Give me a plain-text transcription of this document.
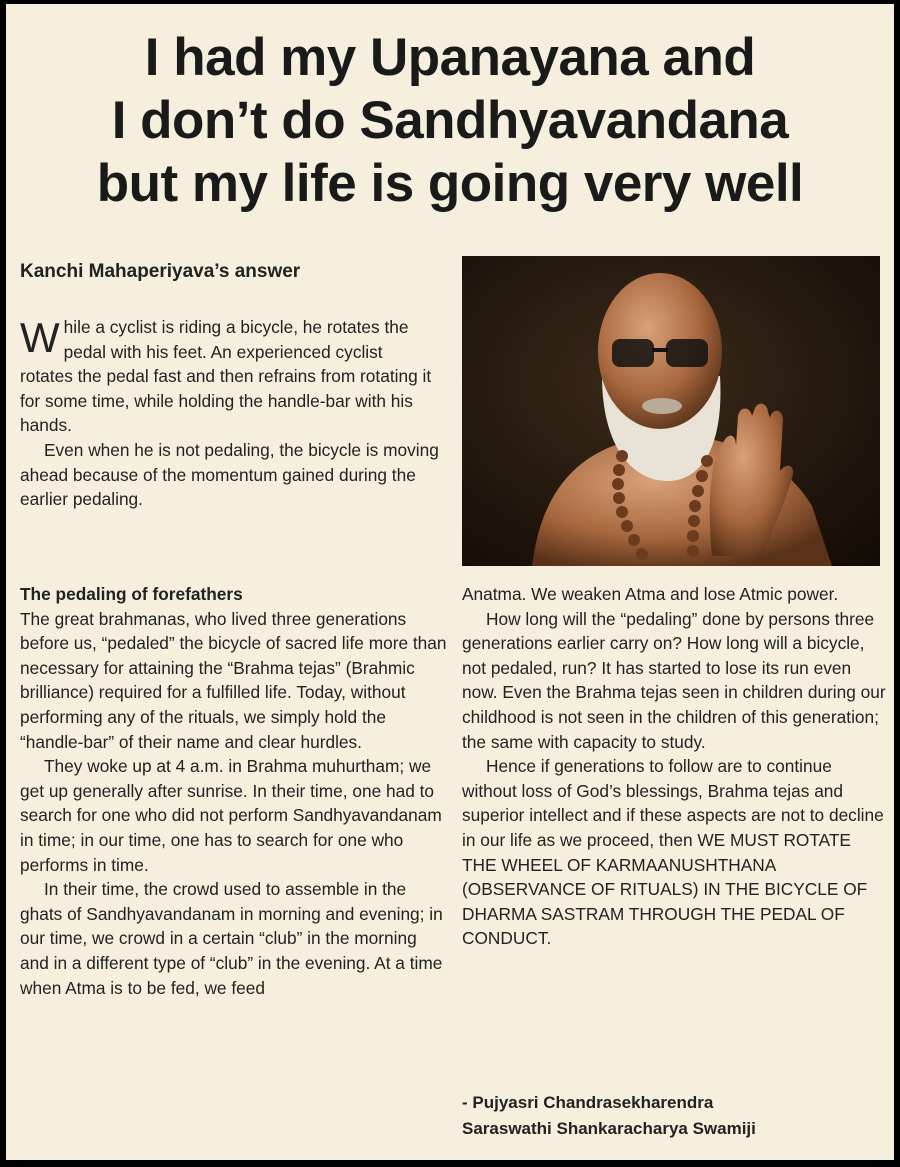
I had my Upanayana and
I don’t do Sandhyavandana
but my life is going very well
Kanchi Mahaperiyava’s answer

While a cyclist is riding a bicycle, he rotates the pedal with his feet. An experienced cyclist rotates the pedal fast and then refrains from rotating it for some time, while holding the handle-bar with his hands.

Even when he is not pedaling, the bicycle is moving ahead because of the momentum gained during the earlier pedaling.

The pedaling of forefathers

The great brahmanas, who lived three generations before us, “pedaled” the bicycle of sacred life more than necessary for attaining the “Brahma tejas” (Brahmic brilliance) required for a fulfilled life. Today, without performing any of the rituals, we simply hold the “handle-bar” of their name and clear hurdles.

They woke up at 4 a.m. in Brahma muhurtham; we get up generally after sunrise. In their time, one had to search for one who did not perform Sandhyavandanam in time; in our time, one has to search for one who performs in time.

In their time, the crowd used to assemble in the ghats of Sandhyavandanam in morning and evening; in our time, we crowd in a certain “club” in the morning and in a different type of “club” in the evening. At a time when Atma is to be fed, we feed

Anatma. We weaken Atma and lose Atmic power.

How long will the “pedaling” done by persons three generations earlier carry on? How long will a bicycle, not pedaled, run? It has started to lose its run even now. Even the Brahma tejas seen in children during our childhood is not seen in the children of this generation; the same with capacity to study.

Hence if generations to follow are to continue without loss of God’s blessings, Brahma tejas and superior intellect and if these aspects are not to decline in our life as we proceed, then WE MUST ROTATE THE WHEEL OF KARMAANUSHTHANA (OBSERVANCE OF RITUALS) IN THE BICYCLE OF DHARMA SASTRAM THROUGH THE PEDAL OF CONDUCT.

- Pujyasri Chandrasekharendra
Saraswathi Shankaracharya Swamiji
